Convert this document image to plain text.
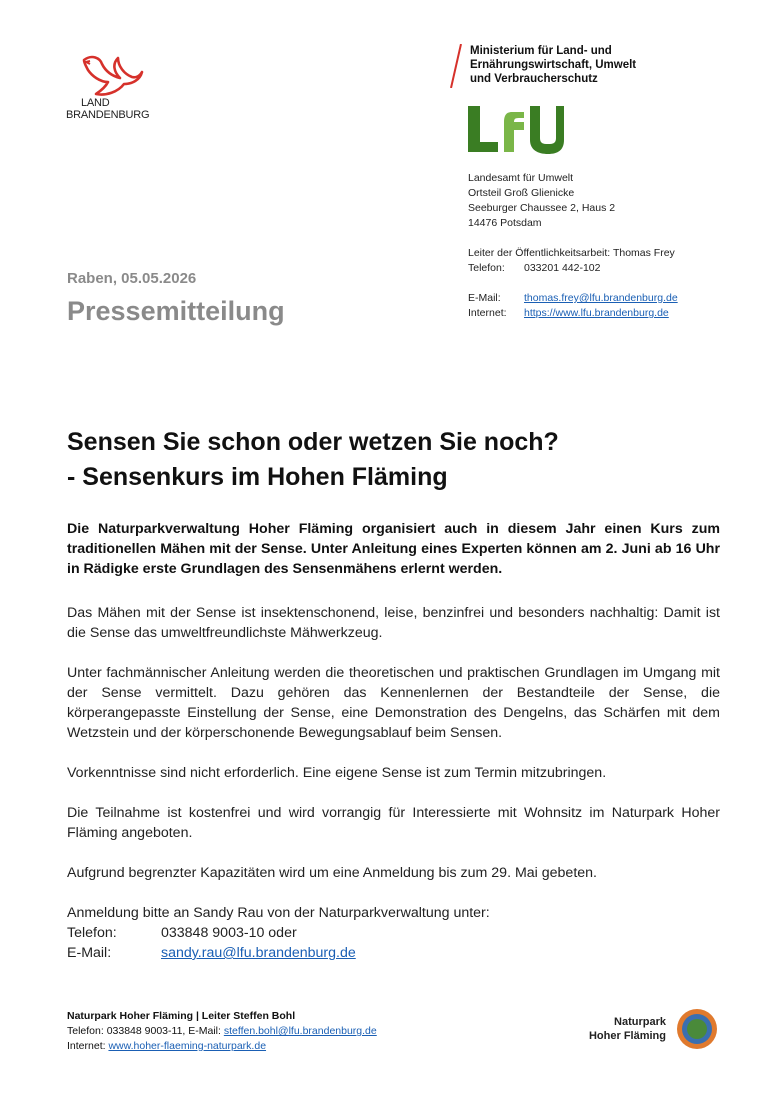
LAND
BRANDENBURG
Ministerium für Land- und
Ernährungswirtschaft, Umwelt
und Verbraucherschutz
Landesamt für Umwelt
Ortsteil Groß Glienicke
Seeburger Chaussee 2, Haus 2
14476 Potsdam
Leiter der Öffentlichkeitsarbeit: Thomas Frey
Telefon:	033201 442-102
E-Mail:	thomas.frey@lfu.brandenburg.de
Internet:	https://www.lfu.brandenburg.de
Raben, 05.05.2026
Pressemitteilung
Sensen Sie schon oder wetzen Sie noch?
- Sensenkurs im Hohen Fläming
Die Naturparkverwaltung Hoher Fläming organisiert auch in diesem Jahr einen Kurs zum traditionellen Mähen mit der Sense. Unter Anleitung eines Experten können am 2. Juni ab 16 Uhr in Rädigke erste Grundlagen des Sensenmähens erlernt werden.

Das Mähen mit der Sense ist insektenschonend, leise, benzinfrei und besonders nachhaltig: Damit ist die Sense das umweltfreundlichste Mähwerkzeug.

Unter fachmännischer Anleitung werden die theoretischen und praktischen Grundlagen im Umgang mit der Sense vermittelt. Dazu gehören das Kennenlernen der Bestandteile der Sense, die körperangepasste Einstellung der Sense, eine Demonstration des Dengelns, das Schärfen mit dem Wetzstein und der körperschonende Bewegungsablauf beim Sensen.

Vorkenntnisse sind nicht erforderlich. Eine eigene Sense ist zum Termin mitzubringen.

Die Teilnahme ist kostenfrei und wird vorrangig für Interessierte mit Wohnsitz im Naturpark Hoher Fläming angeboten.

Aufgrund begrenzter Kapazitäten wird um eine Anmeldung bis zum 29. Mai gebeten.

Anmeldung bitte an Sandy Rau von der Naturparkverwaltung unter:
Telefon:	033848 9003-10 oder
E-Mail:	sandy.rau@lfu.brandenburg.de
Naturpark Hoher Fläming | Leiter Steffen Bohl
Telefon: 033848 9003-11, E-Mail: steffen.bohl@lfu.brandenburg.de
Internet: www.hoher-flaeming-naturpark.de
Naturpark
Hoher Fläming
